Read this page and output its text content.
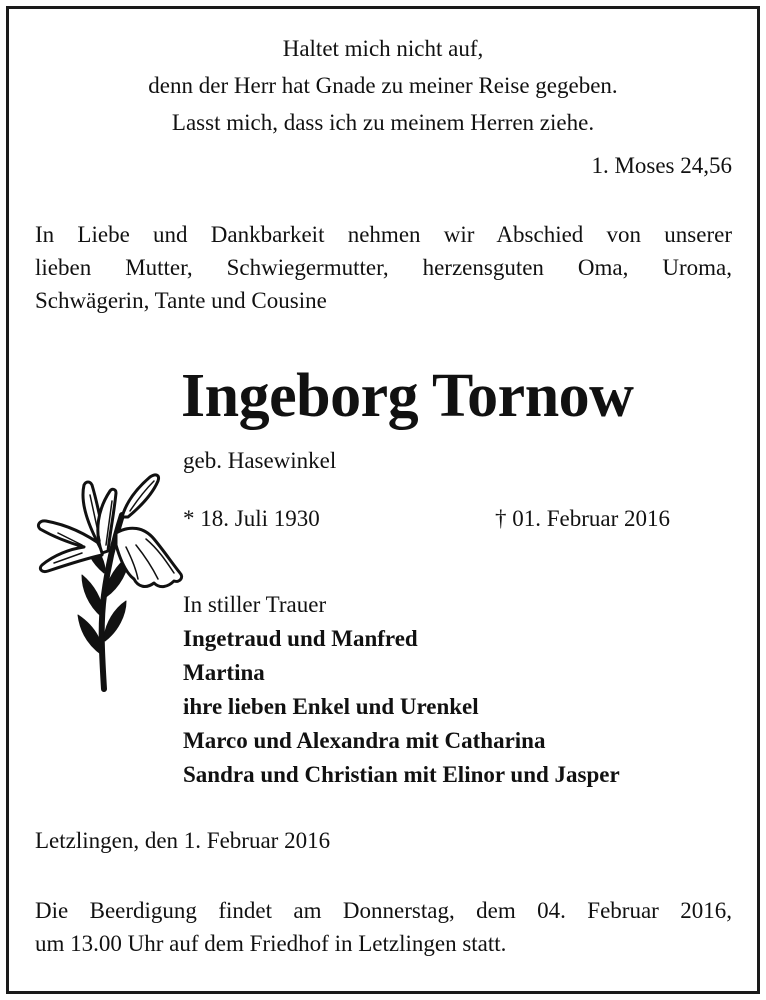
Haltet mich nicht auf,
denn der Herr hat Gnade zu meiner Reise gegeben.
Lasst mich, dass ich zu meinem Herren ziehe.
1. Moses 24,56
In Liebe und Dankbarkeit nehmen wir Abschied von unserer
lieben Mutter, Schwiegermutter, herzensguten Oma, Uroma,
Schwägerin, Tante und Cousine
Ingeborg Tornow
geb. Hasewinkel
* 18. Juli 1930	† 01. Februar 2016
In stiller Trauer
Ingetraud und Manfred
Martina
ihre lieben Enkel und Urenkel
Marco und Alexandra mit Catharina
Sandra und Christian mit Elinor und Jasper
Letzlingen, den 1. Februar 2016
Die Beerdigung findet am Donnerstag, dem 04. Februar 2016,
um 13.00 Uhr auf dem Friedhof in Letzlingen statt.
